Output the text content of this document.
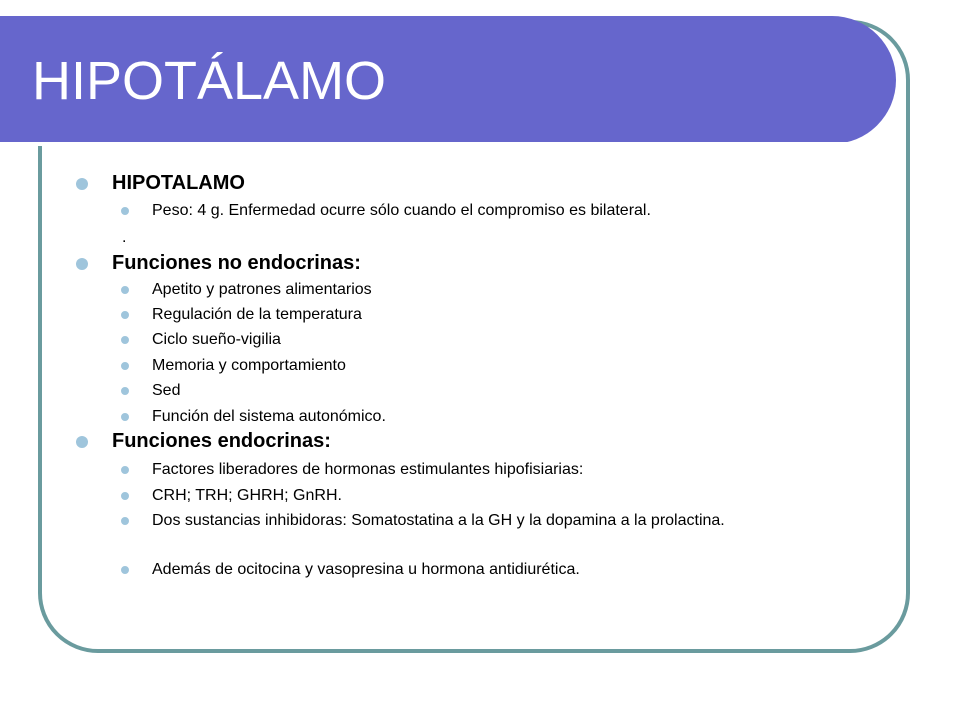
HIPOTÁLAMO
HIPOTALAMO
Peso: 4 g. Enfermedad ocurre sólo cuando el compromiso es bilateral.
.
Funciones no endocrinas:
Apetito y patrones alimentarios
Regulación de la temperatura
Ciclo sueño-vigilia
Memoria y comportamiento
Sed
Función del sistema autonómico.
Funciones endocrinas:
Factores liberadores de hormonas estimulantes hipofisiarias:
CRH; TRH; GHRH; GnRH.
Dos sustancias inhibidoras: Somatostatina a la GH y la dopamina a la prolactina.
Además de ocitocina y vasopresina u hormona antidiurética.
